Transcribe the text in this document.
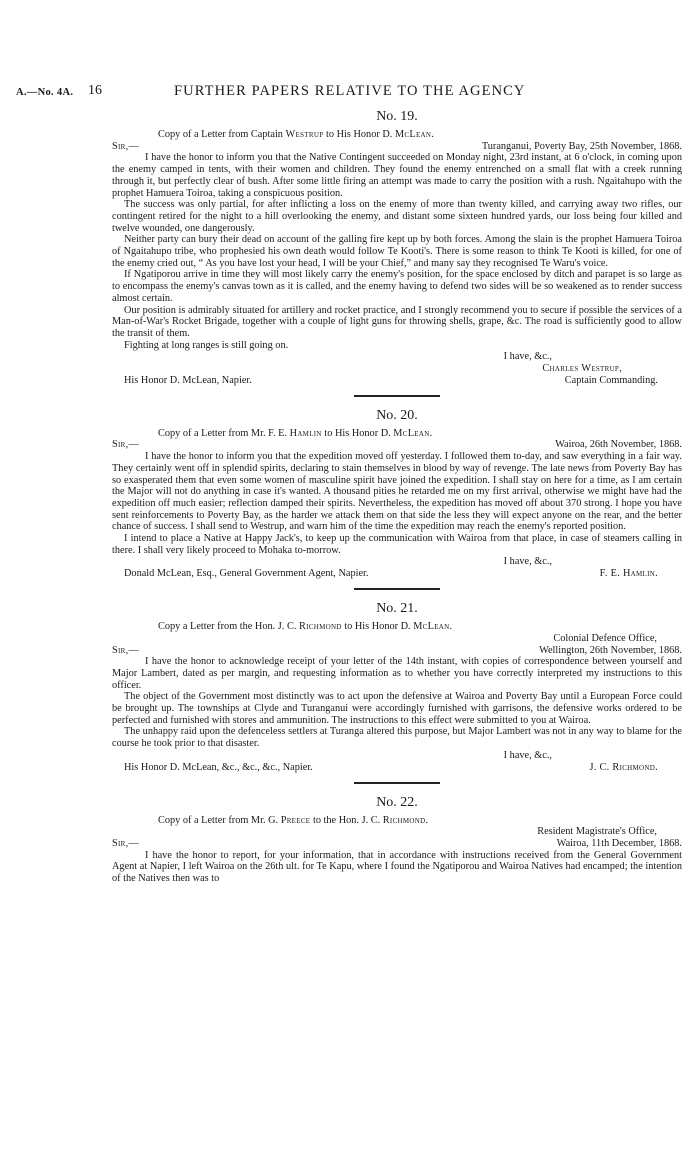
A.—No. 4A. 16	FURTHER PAPERS RELATIVE TO THE AGENCY
No. 19.
Copy of a Letter from Captain Westrup to His Honor D. McLean.
Sir,—	Turanganui, Poverty Bay, 25th November, 1868.

I have the honor to inform you that the Native Contingent succeeded on Monday night, 23rd instant, at 6 o'clock, in coming upon the enemy camped in tents, with their women and children. They found the enemy entrenched on a small flat with a creek running through it, but perfectly clear of bush. After some little firing an attempt was made to carry the position with a rush. Ngaitahupo with the prophet Hamuera Toiroa, taking a conspicuous position.

The success was only partial, for after inflicting a loss on the enemy of more than twenty killed, and carrying away two rifles, our contingent retired for the night to a hill overlooking the enemy, and distant some sixteen hundred yards, our loss being four killed and twelve wounded, one dangerously.

Neither party can bury their dead on account of the galling fire kept up by both forces. Among the slain is the prophet Hamuera Toiroa of Ngaitahupo tribe, who prophesied his own death would follow Te Kooti's. There is some reason to think Te Kooti is killed, for one of the enemy cried out, “ As you have lost your head, I will be your Chief,” and many say they recognised Te Waru's voice.

If Ngatiporou arrive in time they will most likely carry the enemy's position, for the space enclosed by ditch and parapet is so large as to encompass the enemy's canvas town as it is called, and the enemy having to defend two sides will be so weakened as to render success almost certain.

Our position is admirably situated for artillery and rocket practice, and I strongly recommend you to secure if possible the services of a Man-of-War's Rocket Brigade, together with a couple of light guns for throwing shells, grape, &c. The road is sufficiently good to allow the transit of them.

Fighting at long ranges is still going on.

I have, &c.,
Charles Westrup,
His Honor D. McLean, Napier.	Captain Commanding.
No. 20.
Copy of a Letter from Mr. F. E. Hamlin to His Honor D. McLean.
Sir,—	Wairoa, 26th November, 1868.

I have the honor to inform you that the expedition moved off yesterday. I followed them to-day, and saw everything in a fair way. They certainly went off in splendid spirits, declaring to stain themselves in blood by way of revenge. The late news from Poverty Bay has so exasperated them that even some women of masculine spirit have joined the expedition. I shall stay on here for a time, as I am certain the Major will not do anything in case it's wanted. A thousand pities he retarded me on my first arrival, otherwise we might have had the expedition off much easier; reflection damped their spirits. Nevertheless, the expedition has moved off about 370 strong. I hope you have sent reinforcements to Poverty Bay, as the harder we attack them on that side the less they will expect anyone on the rear, and the better chance of success. I shall send to Westrup, and warn him of the time the expedition may reach the enemy's reported position.

I intend to place a Native at Happy Jack's, to keep up the communication with Wairoa from that place, in case of steamers calling in there. I shall very likely proceed to Mohaka to-morrow.

I have, &c.,
Donald McLean, Esq., General Government Agent, Napier.	F. E. Hamlin.
No. 21.
Copy a Letter from the Hon. J. C. Richmond to His Honor D. McLean.
Colonial Defence Office,
Sir,—	Wellington, 26th November, 1868.

I have the honor to acknowledge receipt of your letter of the 14th instant, with copies of correspondence between yourself and Major Lambert, dated as per margin, and requesting information as to whether you have correctly interpreted my instructions to this officer.

The object of the Government most distinctly was to act upon the defensive at Wairoa and Poverty Bay until a European Force could be brought up. The townships at Clyde and Turanganui were accordingly furnished with garrisons, the defensive works ordered to be perfected and furnished with stores and ammunition. The instructions to this effect were submitted to you at Wairoa.

The unhappy raid upon the defenceless settlers at Turanga altered this purpose, but Major Lambert was not in any way to blame for the course he took prior to that disaster.

I have, &c.,
His Honor D. McLean, &c., &c., &c., Napier.	J. C. Richmond.
No. 22.
Copy of a Letter from Mr. G. Preece to the Hon. J. C. Richmond.
Resident Magistrate's Office,
Sir,—	Wairoa, 11th December, 1868.

I have the honor to report, for your information, that in accordance with instructions received from the General Government Agent at Napier, I left Wairoa on the 26th ult. for Te Kapu, where I found the Ngatiporou and Wairoa Natives had encamped; the intention of the Natives then was to
